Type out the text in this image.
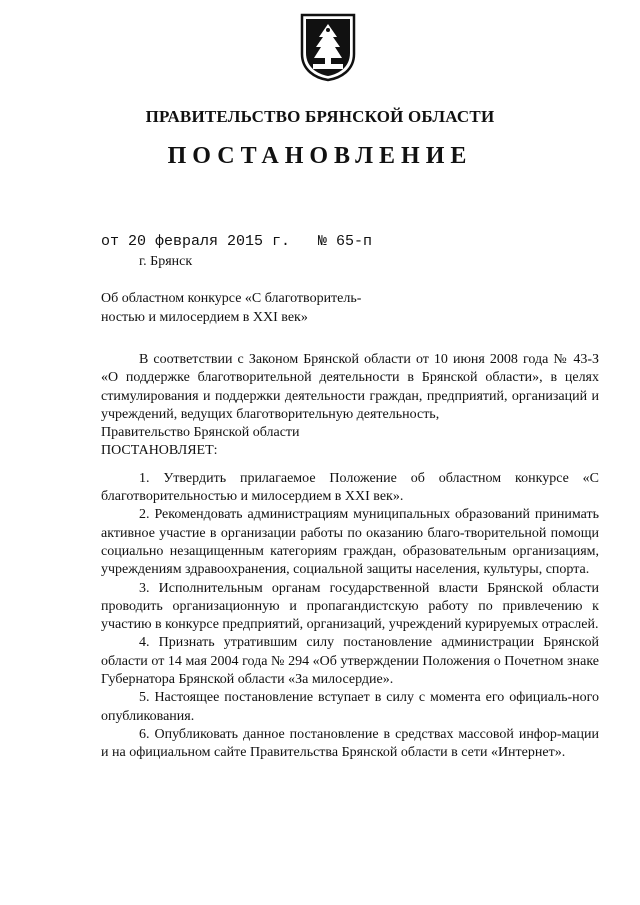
ПРАВИТЕЛЬСТВО БРЯНСКОЙ ОБЛАСТИ
ПОСТАНОВЛЕНИЕ
от 20 февраля 2015 г. № 65-п
г. Брянск
Об областном конкурсе «С благотворитель-
ностью и милосердием в XXI век»

В соответствии с Законом Брянской области от 10 июня 2008 года № 43-З «О поддержке благотворительной деятельности в Брянской области», в целях стимулирования и поддержки деятельности граждан, предприятий, организаций и учреждений, ведущих благотворительную деятельность,

Правительство Брянской области

ПОСТАНОВЛЯЕТ:

1. Утвердить прилагаемое Положение об областном конкурсе «С благотворительностью и милосердием в XXI век».

2. Рекомендовать администрациям муниципальных образований принимать активное участие в организации работы по оказанию благо-творительной помощи социально незащищенным категориям граждан, образовательным организациям, учреждениям здравоохранения, социальной защиты населения, культуры, спорта.

3. Исполнительным органам государственной власти Брянской области проводить организационную и пропагандистскую работу по привлечению к участию в конкурсе предприятий, организаций, учреждений курируемых отраслей.

4. Признать утратившим силу постановление администрации Брянской области от 14 мая 2004 года № 294 «Об утверждении Положения о Почетном знаке Губернатора Брянской области «За милосердие».

5. Настоящее постановление вступает в силу с момента его официаль-ного опубликования.

6. Опубликовать данное постановление в средствах массовой инфор-мации и на официальном сайте Правительства Брянской области в сети «Интернет».
